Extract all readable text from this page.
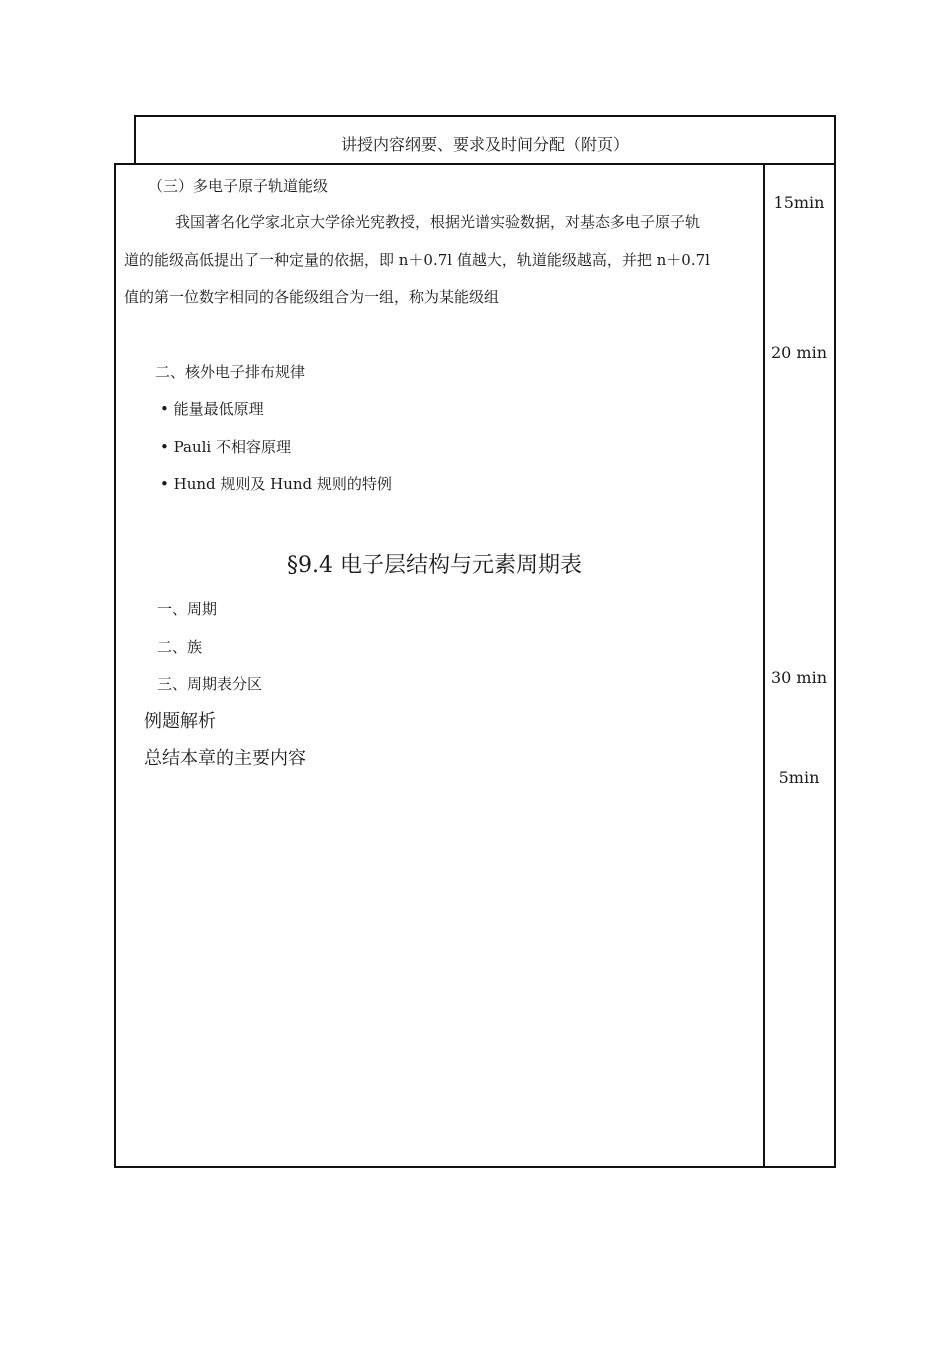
讲授内容纲要、要求及时间分配（附页）
（三）多电子原子轨道能级
我国著名化学家北京大学徐光宪教授，根据光谱实验数据，对基态多电子原子轨
道的能级高低提出了一种定量的依据，即 n＋0.7l 值越大，轨道能级越高，并把 n＋0.7l
值的第一位数字相同的各能级组合为一组，称为某能级组
二、核外电子排布规律
• 能量最低原理
• Pauli 不相容原理
• Hund 规则及 Hund 规则的特例
§9.4 电子层结构与元素周期表
一、周期
二、族
三、周期表分区
例题解析
总结本章的主要内容
15min
20 min
30 min
5min
